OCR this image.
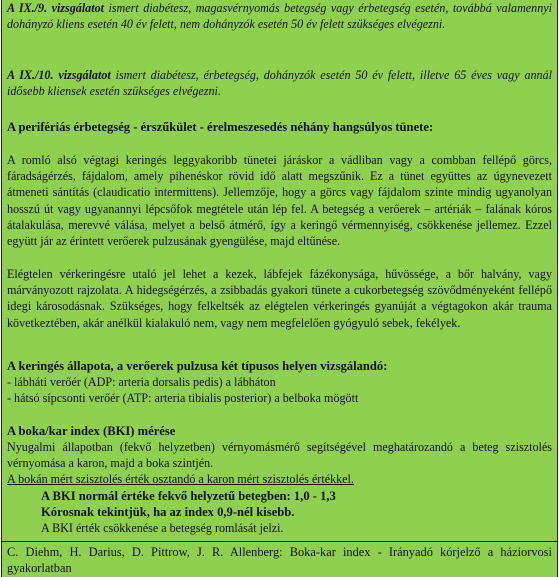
A IX./9. vizsgálatot ismert diabétesz, magasvérnyomás betegség vagy érbetegség esetén, továbbá valamennyi dohányzó kliens esetén 40 év felett, nem dohányzók esetén 50 év felett szükséges elvégezni.

A IX./10. vizsgálatot ismert diabétesz, érbetegség, dohányzók esetén 50 év felett, illetve 65 éves vagy annál idősebb kliensek esetén szükséges elvégezni.

A perifériás érbetegség - érszűkület - érelmeszesedés néhány hangsúlyos tünete:

A romló alsó végtagi keringés leggyakoribb tünetei járáskor a vádliban vagy a combban fellépő görcs, fáradságérzés, fájdalom, amely pihenéskor rövid idő alatt megszűnik. Ez a tünet együttes az úgynevezett átmeneti sántítás (claudicatio intermittens). Jellemzője, hogy a görcs vagy fájdalom szinte mindig ugyanolyan hosszú út vagy ugyanannyi lépcsőfok megtétele után lép fel. A betegség a verőerek – artériák – falának kóros átalakulása, merevvé válása, melyet a belső átmérő, így a keringő vérmennyiség, csökkenése jellemez. Ezzel együtt jár az érintett verőerek pulzusának gyengülése, majd eltűnése.

Elégtelen vérkeringésre utaló jel lehet a kezek, lábfejek fázékonysága, hűvössége, a bőr halvány, vagy márványozott rajzolata. A hidegségérzés, a zsibbadás gyakori tünete a cukorbetegség szövődményeként fellépő idegi károsodásnak. Szükséges, hogy felkeltsék az elégtelen vérkeringés gyanúját a végtagokon akár trauma következtében, akár anélkül kialakuló nem, vagy nem megfelelően gyógyuló sebek, fekélyek.

A keringés állapota, a verőerek pulzusa két típusos helyen vizsgálandó:
- lábháti verőér (ADP: arteria dorsalis pedis) a lábháton
- hátsó sípcsonti verőér (ATP: arteria tibialis posterior) a belboka mögött

A boka/kar index (BKI) mérése
Nyugalmi állapotban (fekvő helyzetben) vérnyomásmérő segítségével meghatározandó a beteg szisztolés vérnyomása a karon, majd a boka szintjén.
A bokán mért szisztolés érték osztandó a karon mért szisztolés értékkel.
A BKI normál értéke fekvő helyzetű betegben: 1,0 - 1,3
Kórosnak tekintjük, ha az index 0,9-nél kisebb.
A BKI érték csökkenése a betegség romlását jelzi.

C. Diehm, H. Darius, D. Pittrow, J. R. Allenberg: Boka-kar index - Irányadó kórjelző a háziorvosi gyakorlatban
